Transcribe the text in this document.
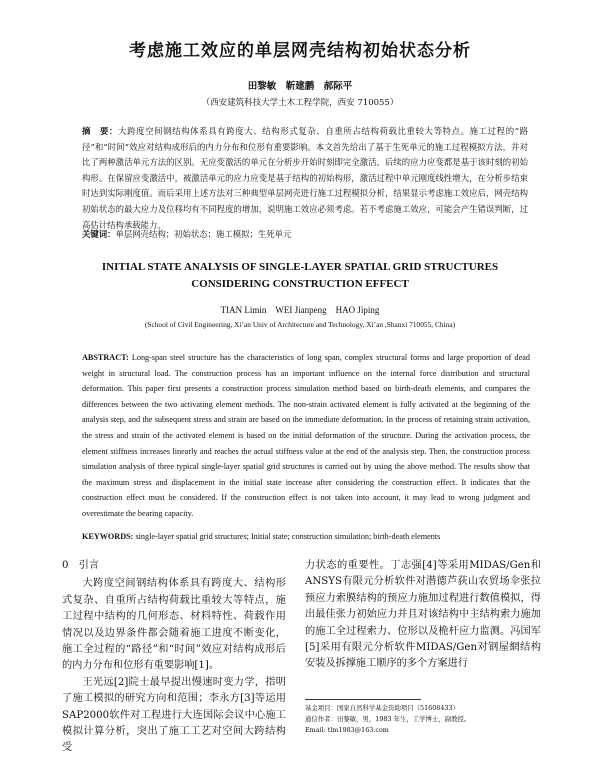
考虑施工效应的单层网壳结构初始状态分析
田黎敏　靳建鹏　郝际平
（西安建筑科技大学土木工程学院，西安 710055）
摘　要：大跨度空间钢结构体系具有跨度大、结构形式复杂、自重所占结构荷载比重较大等特点。施工过程的“路径”和“时间”效应对结构成形后的内力分布和位形有重要影响。本文首先给出了基于生死单元的施工过程模拟方法，并对比了两种激活单元方法的区别。无应变激活的单元在分析步开始时刻即完全激活，后续的应力应变都是基于该时刻的初始构形。在保留应变激活中，被激活单元的应力应变是基于结构的初始构形，激活过程中单元刚度线性增大，在分析步结束时达到实际刚度值。而后采用上述方法对三种典型单层网壳进行施工过程模拟分析，结果显示考虑施工效应后，网壳结构初始状态的最大应力及位移均有不同程度的增加，说明施工效应必须考虑。若不考虑施工效应，可能会产生错误判断，过高估计结构承载能力。
关键词：单层网壳结构；初始状态；施工模拟；生死单元
INITIAL STATE ANALYSIS OF SINGLE-LAYER SPATIAL GRID STRUCTURES
CONSIDERING CONSTRUCTION EFFECT
TIAN Limin　WEI Jianpeng　HAO Jiping
(School of Civil Engineering, Xi’an Univ of Architecture and Technology, Xi’an ,Shanxi 710055, China)
ABSTRACT: Long-span steel structure has the characteristics of long span, complex structural forms and large proportion of dead weight in structural load. The construction process has an important influence on the internal force distribution and structural deformation. This paper first presents a construction process simulation method based on birth-death elements, and compares the differences between the two activating element methods. The non-strain activated element is fully activated at the beginning of the analysis step, and the subsequent stress and strain are based on the immediate deformation. In the process of retaining strain activation, the stress and strain of the activated element is based on the initial deformation of the structure. During the activation process, the element stiffness increases linearly and reaches the actual stiffness value at the end of the analysis step. Then, the construction process simulation analysis of three typical single-layer spatial grid structures is carried out by using the above method. The results show that the maximum stress and displacement in the initial state increase after considering the construction effect. It indicates that the construction effect must be considered. If the construction effect is not taken into account, it may lead to wrong judgment and overestimate the bearing capacity.
KEYWORDS: single-layer spatial grid structures; Initial state; construction simulation; birth-death elements
0　引言
大跨度空间钢结构体系具有跨度大、结构形式复杂、自重所占结构荷载比重较大等特点，施工过程中结构的几何形态、材料特性、荷载作用情况以及边界条件都会随着施工进度不断变化，施工全过程的“路径”和“时间”效应对结构成形后的内力分布和位形有重要影响[1]。
王光远[2]院士最早提出慢速时变力学，指明了施工模拟的研究方向和范围；李永方[3]等运用SAP2000软件对工程进行大连国际会议中心施工模拟计算分析，突出了施工工艺对空间大跨结构受
力状态的重要性。丁志强[4]等采用MIDAS/Gen和ANSYS有限元分析软件对潜德芦荻山农贸场伞张拉预应力索膜结构的预应力施加过程进行数值模拟，得出最佳张力初始应力并且对该结构中主结构索力施加的施工全过程索力、位形以及桅杆应力监测。冯国军[5]采用有限元分析软件MIDAS/Gen对钢屋網结构安装及拆撑施工顺序的多个方案进行
基金项目：国家自然科学基金资助项目（51608433）
通信作者：田黎敏，男，1983 年生，工学博士，副教授。
Email: tlm1983@163.com
